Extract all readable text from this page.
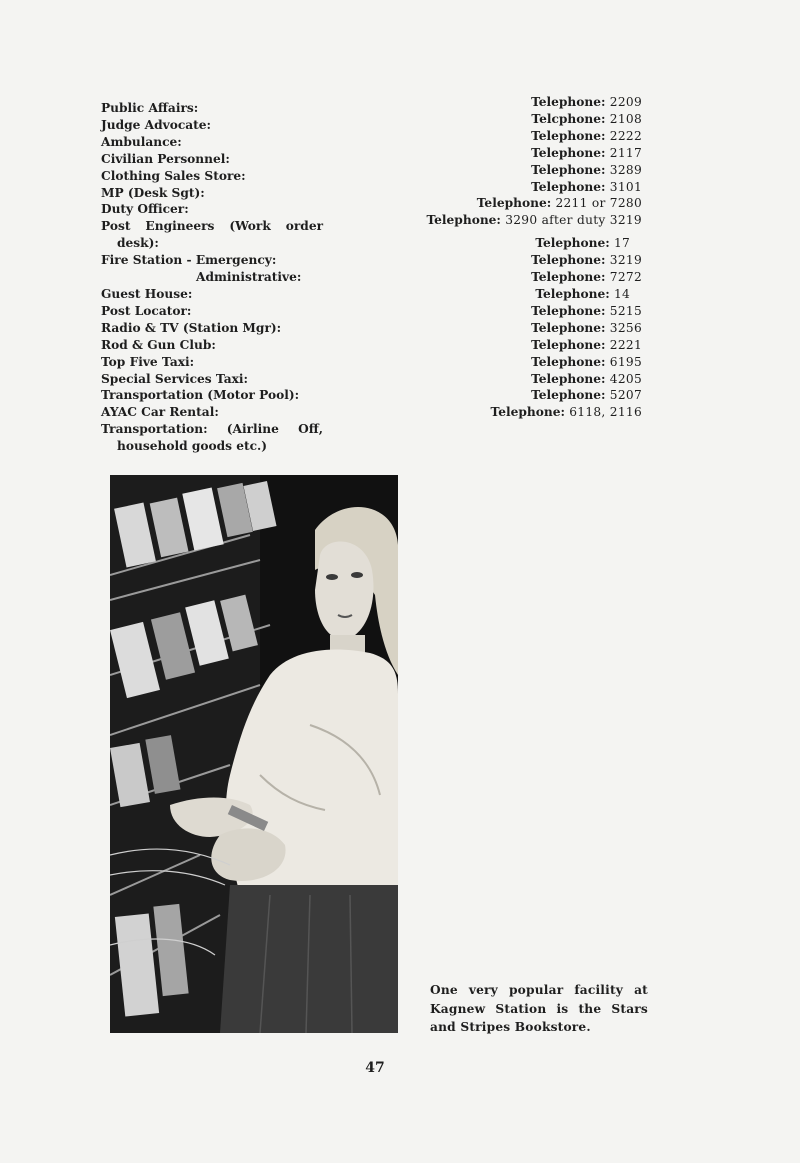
Public Affairs:
Judge Advocate:
Ambulance:
Civilian Personnel:
Clothing Sales Store:
MP (Desk Sgt):
Duty Officer:
Post Engineers (Work order
desk):
Fire Station - Emergency:
Administrative:
Guest House:
Post Locator:
Radio & TV (Station Mgr):
Rod & Gun Club:
Top Five Taxi:
Special Services Taxi:
Transportation (Motor Pool):
AYAC Car Rental:
Transportation: (Airline Off,
household goods etc.)
Telephone: 2209
Telcphone: 2108
Telephone: 2222
Telephone: 2117
Telephone: 3289
Telephone: 3101
Telephone: 2211 or 7280
Telephone: 3290 after duty 3219
Telephone: 17
Telephone: 3219
Telephone: 7272
Telephone: 14
Telephone: 5215
Telephone: 3256
Telephone: 2221
Telephone: 6195
Telephone: 4205
Telephone: 5207
Telephone: 6118, 2116
One very popular facility at Kagnew Station is the Stars and Stripes Bookstore.
47
